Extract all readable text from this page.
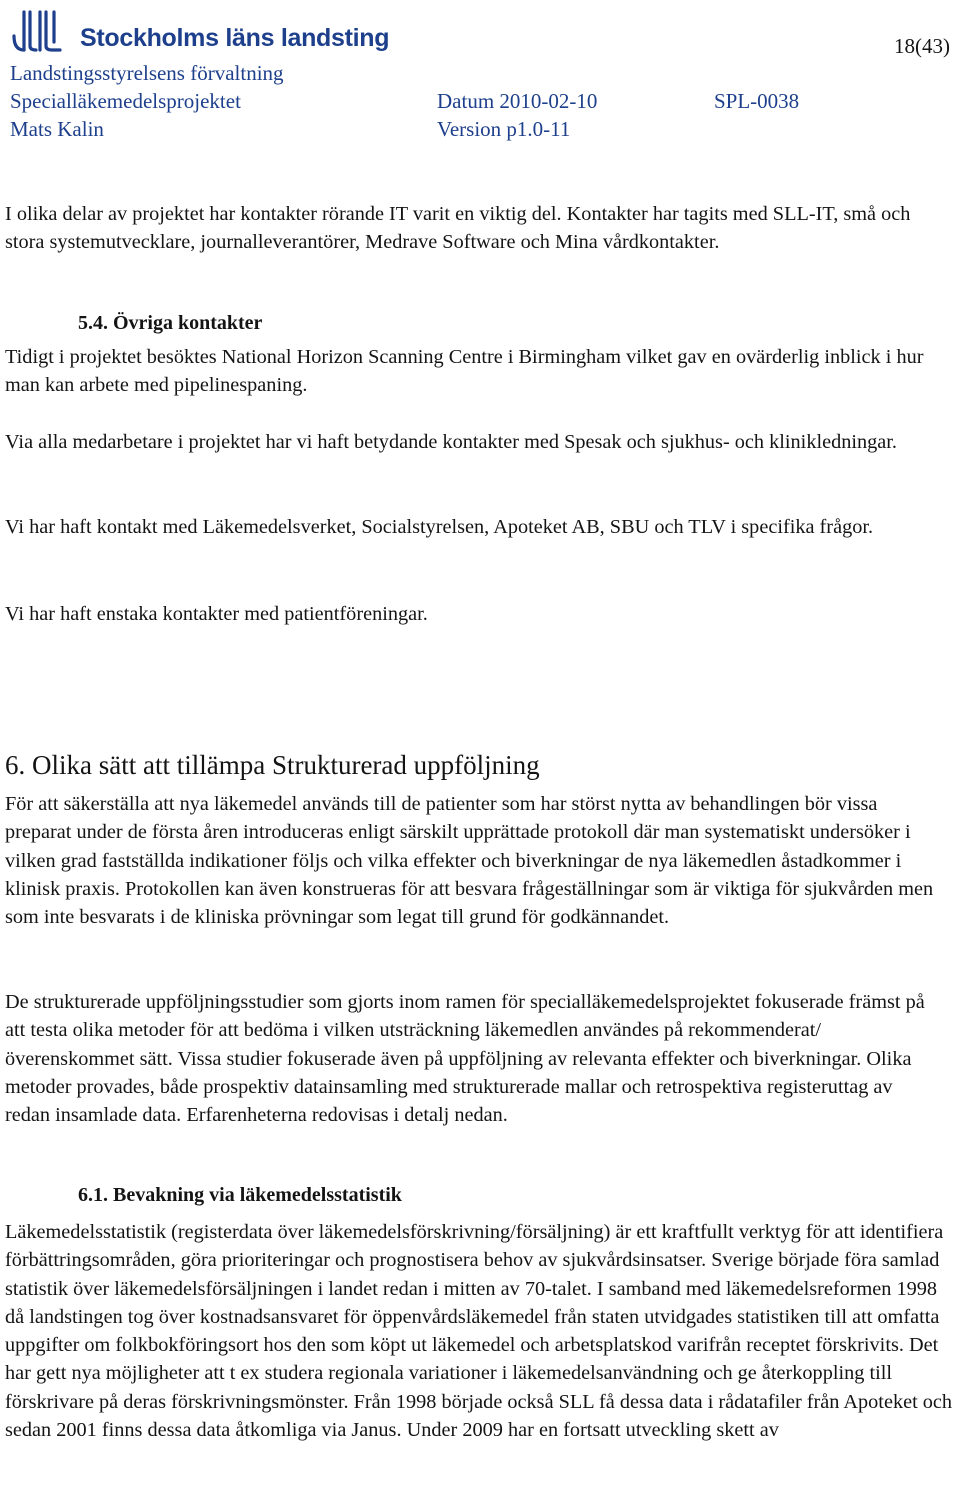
Stockholms läns landsting	18(43)
Landstingsstyrelsens förvaltning
Specialläkemedelsprojektet	Datum 2010-02-10	SPL-0038
Mats Kalin	Version p1.0-11

I olika delar av projektet har kontakter rörande IT varit en viktig del. Kontakter har tagits med SLL-IT, små och stora systemutvecklare, journalleverantörer, Medrave Software och Mina vårdkontakter.

5.4. Övriga kontakter

Tidigt i projektet besöktes National Horizon Scanning Centre i Birmingham vilket gav en ovärderlig inblick i hur man kan arbete med pipelinespaning.

Via alla medarbetare i projektet har vi haft betydande kontakter med Spesak och sjukhus- och klinikledningar.

Vi har haft kontakt med Läkemedelsverket, Socialstyrelsen, Apoteket AB, SBU och TLV i specifika frågor.

Vi har haft enstaka kontakter med patientföreningar.

6. Olika sätt att tillämpa Strukturerad uppföljning

För att säkerställa att nya läkemedel används till de patienter som har störst nytta av behandlingen bör vissa preparat under de första åren introduceras enligt särskilt upprättade protokoll där man systematiskt undersöker i vilken grad fastställda indikationer följs och vilka effekter och biverkningar de nya läkemedlen åstadkommer i klinisk praxis. Protokollen kan även konstrueras för att besvara frågeställningar som är viktiga för sjukvården men som inte besvarats i de kliniska prövningar som legat till grund för godkännandet.

De strukturerade uppföljningsstudier som gjorts inom ramen för specialläkemedelsprojektet fokuserade främst på att testa olika metoder för att bedöma i vilken utsträckning läkemedlen användes på rekommenderat/överenskommet sätt. Vissa studier fokuserade även på uppföljning av relevanta effekter och biverkningar. Olika metoder provades, både prospektiv datainsamling med strukturerade mallar och retrospektiva registeruttag av redan insamlade data. Erfarenheterna redovisas i detalj nedan.

6.1. Bevakning via läkemedelsstatistik

Läkemedelsstatistik (registerdata över läkemedelsförskrivning/försäljning) är ett kraftfullt verktyg för att identifiera förbättringsområden, göra prioriteringar och prognostisera behov av sjukvårdsinsatser. Sverige började föra samlad statistik över läkemedelsförsäljningen i landet redan i mitten av 70-talet. I samband med läkemedelsreformen 1998 då landstingen tog över kostnadsansvaret för öppenvårdsläkemedel från staten utvidgades statistiken till att omfatta uppgifter om folkbokföringsort hos den som köpt ut läkemedel och arbetsplatskod varifrån receptet förskrivits. Det har gett nya möjligheter att t ex studera regionala variationer i läkemedelsanvändning och ge återkoppling till förskrivare på deras förskrivningsmönster. Från 1998 började också SLL få dessa data i rådatafiler från Apoteket och sedan 2001 finns dessa data åtkomliga via Janus. Under 2009 har en fortsatt utveckling skett av
